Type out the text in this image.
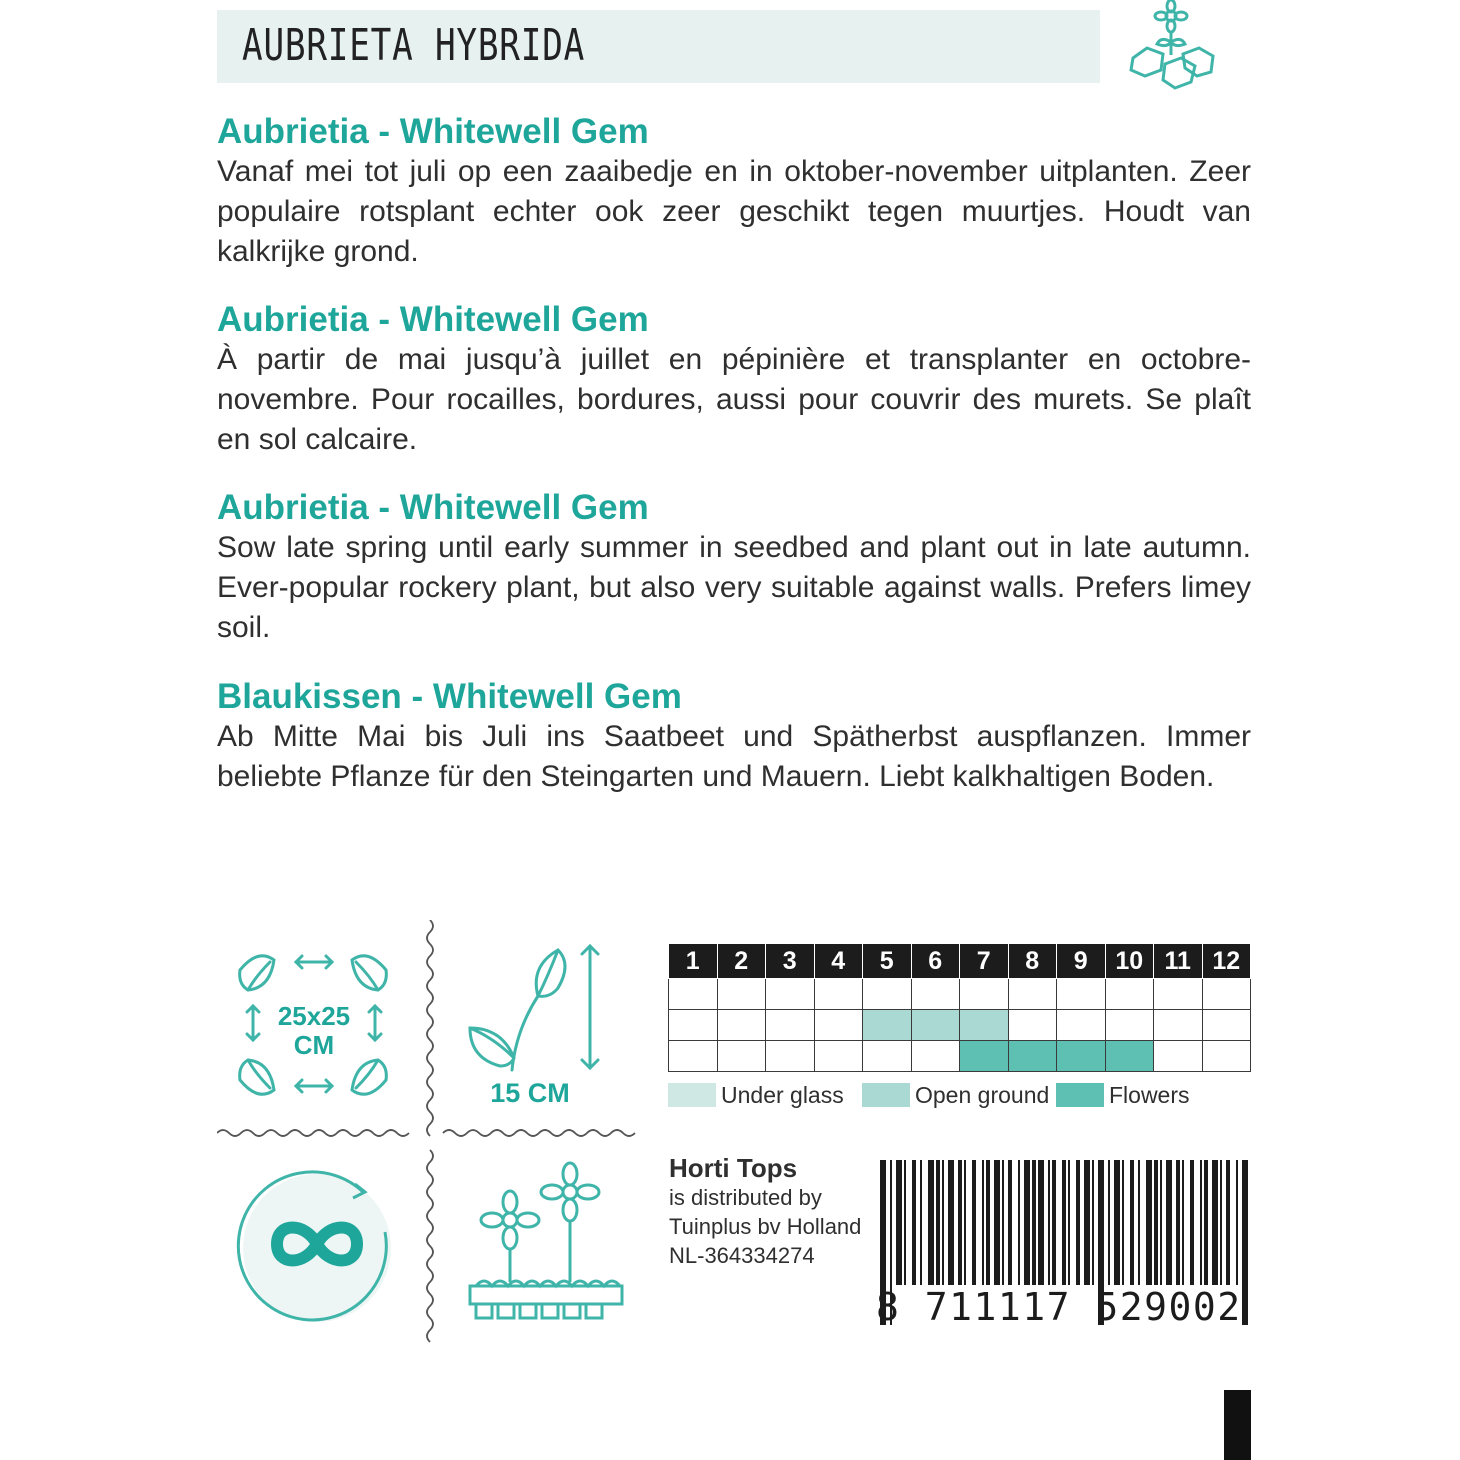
AUBRIETA HYBRIDA
Aubrietia - Whitewell Gem

Vanaf mei tot juli op een zaaibedje en in oktober-november uitplanten. Zeer populaire rotsplant echter ook zeer geschikt tegen muurtjes. Houdt van kalkrijke grond.

Aubrietia - Whitewell Gem

À partir de mai jusqu’à juillet en pépinière et transplanter en octobre-novembre. Pour rocailles, bordures, aussi pour couvrir des murets. Se plaît en sol calcaire.

Aubrietia - Whitewell Gem

Sow late spring until early summer in seedbed and plant out in late autumn. Ever-popular rockery plant, but also very suitable against walls. Prefers limey soil.

Blaukissen - Whitewell Gem

Ab Mitte Mai bis Juli ins Saatbeet und Spätherbst auspflanzen. Immer beliebte Pflanze für den Steingarten und Mauern. Liebt kalkhaltigen Boden.

25x25
CM
15 CM
1	2	3	4	5	6	7	8	9	10	11	12

Under glass	Open ground	Flowers
Horti Tops
is distributed by
Tuinplus bv Holland
NL-364334274
8 711117 529002
